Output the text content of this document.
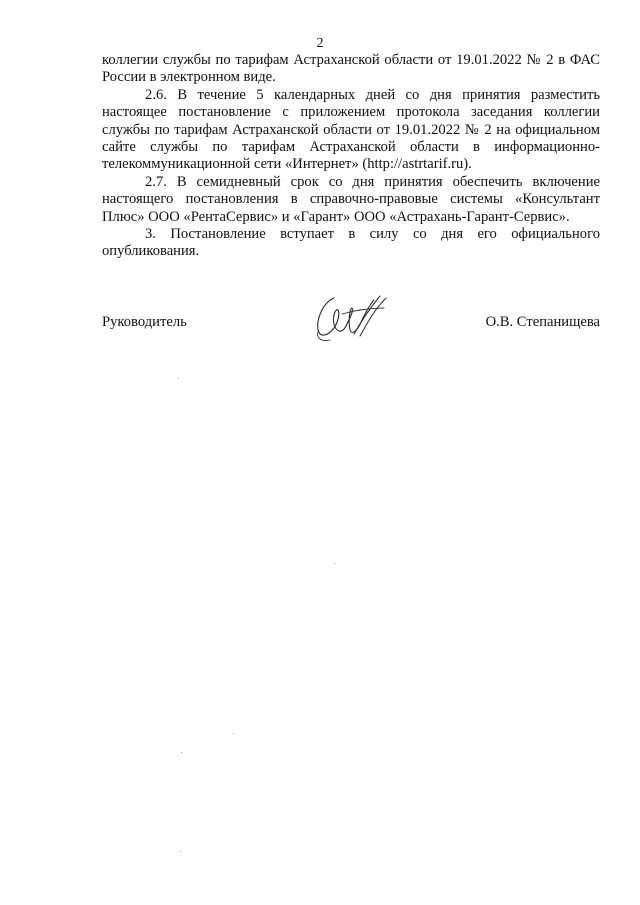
2

коллегии службы по тарифам Астраханской области от 19.01.2022 № 2 в ФАС России в электронном виде.

2.6. В течение 5 календарных дней со дня принятия разместить настоящее постановление с приложением протокола заседания коллегии службы по тарифам Астраханской области от 19.01.2022 № 2 на официальном сайте службы по тарифам Астраханской области в информационно-телекоммуникационной сети «Интернет» (http://astrtarif.ru).

2.7. В семидневный срок со дня принятия обеспечить включение настоящего постановления в справочно-правовые системы «Консультант Плюс» ООО «РентаСервис» и «Гарант» ООО «Астрахань-Гарант-Сервис».

3. Постановление вступает в силу со дня его официального опубликования.

Руководитель	О.В. Степанищева
